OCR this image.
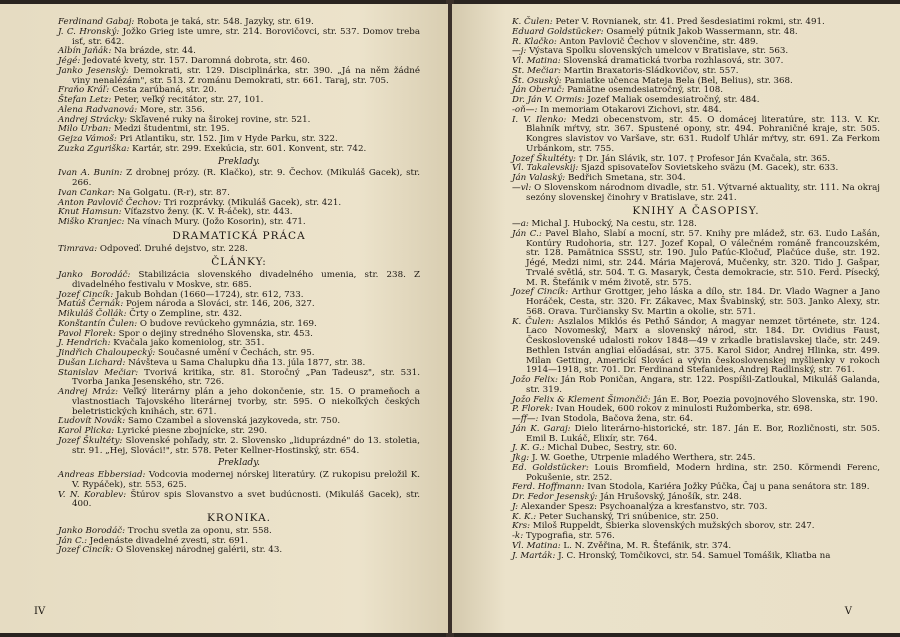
Ferdinand Gabaj: Robota je taká, str. 548. Jazyky, str. 619.
J. C. Hronský: Jožko Grieg iste umre, str. 214. Borovičovci, str. 537. Domov treba isť, str. 642.
Albín Jaňák: Na brázde, str. 44.
Jégé: Jedovaté kvety, str. 157. Daromná dobrota, str. 460.
Janko Jesenský: Demokrati, str. 129. Disciplinárka, str. 390. „Já na něm žádné viny nenalézám", str. 513. Z románu Demokrati, str. 661. Taraj, str. 705.
Fraňo Kráľ: Cesta zarúbaná, str. 20.
Štefan Letz: Peter, veľký recitátor, str. 27, 101.
Alena Radvanová: More, str. 356.
Andrej Strácky: Skľavené ruky na širokej rovine, str. 521.
Milo Urban: Medzi študentmi, str. 195.
Gejza Vámoš: Pri Atlantiku, str. 152. Jim v Hyde Parku, str. 322.
Zuzka Zguriška: Kartár, str. 299. Exekúcia, str. 601. Konvent, str. 742.
Preklady.
Ivan A. Bunin: Z drobnej prózy. (R. Klačko), str. 9. Čechov. (Mikuláš Gacek), str. 266.
Ivan Cankar: Na Golgatu. (R-r), str. 87.
Anton Pavlovič Čechov: Tri rozprávky. (Mikuláš Gacek), str. 421.
Knut Hamsun: Víťazstvo ženy. (K. V. R-áček), str. 443.
Miško Kranjec: Na vínach Mury. (Jožo Kosorin), str. 471.
DRAMATICKÁ PRÁCA
Timrava: Odpoveď. Druhé dejstvo, str. 228.
ČLÁNKY:
Janko Borodáč: Stabilizácia slovenského divadelného umenia, str. 238. Z divadelného festivalu v Moskve, str. 685.
Jozef Cincík: Jakub Bohdan (1660—1724), str. 612, 733.
Matúš Černák: Pojem národa a Slováci, str. 146, 206, 327.
Mikuláš Čollák: Črty o Zempline, str. 432.
Konštantín Čulen: O budove revúckeho gymnázia, str. 169.
Pavol Florek: Spor o dejiny stredného Slovenska, str. 453.
J. Hendrich: Kvačala jako komeniolog, str. 351.
Jindřich Chaloupecký: Současné umění v Čechách, str. 95.
Dušan Lichard: Návšteva u Sama Chalupku dňa 13. júla 1877, str. 38.
Stanislav Mečiar: Tvorivá kritika, str. 81. Storočný „Pan Tadeusz", str. 531. Tvorba Janka Jesenského, str. 726.
Andrej Mráz: Veľký literárny plán a jeho dokončenie, str. 15. O prameňoch a vlastnostiach Tajovského literárnej tvorby, str. 595. O niekoľkých českých beletristických knihách, str. 671.
Ľudovít Novák: Samo Czambel a slovenská jazykoveda, str. 750.
Karol Plicka: Lyrické piesne zbojnícke, str. 290.
Jozef Škultéty: Slovenské pohľady, str. 2. Slovensko „liduprázdné" do 13. stoletia, str. 91. „Hej, Slováci!", str. 578. Peter Kellner-Hostinský, str. 654.
Preklady.
Andreas Ebbersiad: Vodcovia modernej nórskej literatúry. (Z rukopisu preložil K. V. Rypáček), str. 553, 625.
V. N. Korablev: Štúrov spis Slovanstvo a svet budúcnosti. (Mikuláš Gacek), str. 400.
KRONIKA.
Janko Borodáč: Trochu svetla za oponu, str. 558.
Ján C.: Jedenáste divadelné zvesti, str. 691.
Jozef Cincík: O Slovenskej národnej galérii, str. 43.
IV
K. Čulen: Peter V. Rovnianek, str. 41. Pred šesdesiatimi rokmi, str. 491.
Eduard Goldstücker: Osamelý pútnik Jakob Wassermann, str. 48.
R. Klačko: Anton Pavlovič Čechov v slovenčine, str. 489.
—j: Výstava Spolku slovenských umelcov v Bratislave, str. 563.
Vl. Matina: Slovenská dramatická tvorba rozhlasová, str. 307.
St. Mečiar: Martin Braxatoris-Sládkovičov, str. 557.
Št. Osuský: Pamiatke učenca Mateja Bela (Bel, Belius), str. 368.
Ján Oberuč: Pamätne osemdesiatročný, str. 108.
Dr. Ján V. Ormis: Jozef Maliak osemdesiatročný, str. 484.
-oň—: In memoriam Otakarovi Zichovi, str. 484.
I. V. Ilenko: Medzi obecenstvom, str. 45. O domácej literatúre, str. 113. V. Kr. Blahník mŕtvy, str. 367. Spustené opony, str. 494. Pohraničné kraje, str. 505. Kongres slavistov vo Varšave, str. 631. Rudolf Uhlár mŕtvy, str. 691. Za Ferkom Urbánkom, str. 755.
Jozef Škultéty: † Dr. Ján Slávik, str. 107. † Profesor Ján Kvačala, str. 365.
Vl. Takalevskij: Sjazd spisovateľov Sovietskeho sväzu (M. Gacek), str. 633.
Ján Valaský: Bedřich Smetana, str. 304.
—vl: O Slovenskom národnom divadle, str. 51. Výtvarné aktuality, str. 111. Na okraj sezóny slovenskej činohry v Bratislave, str. 241.
KNIHY A ČASOPISY.
—a: Michal J. Hubocký, Na cestu, str. 128.
Ján C.: Pavel Blaho, Slabí a mocní, str. 57. Knihy pre mládež, str. 63. Ľudo Lašán, Kontúry Rudohoria, str. 127. Jozef Kopal, O válečném románě francouzském, str. 128. Pamätnica SSSU, str. 190. Julo Paťúc-Kločuď, Plačúce duše, str. 192. Jégé, Medzi nimi, str. 244. Mária Majerová, Mučenky, str. 320. Tido J. Gašpar, Trvalé světlá, str. 504. T. G. Masaryk, Česta demokracie, str. 510. Ferd. Písecký, M. R. Štefánik v mém životě, str. 575.
Jozef Cincík: Arthur Grottger, jeho láska a dílo, str. 184. Dr. Vlado Wagner a Jano Horáček, Cesta, str. 320. Fr. Zákavec, Max Švabinský, str. 503. Janko Alexy, str. 568. Orava. Turčiansky Sv. Martin a okolie, str. 571.
K. Čulen: Aszlalos Miklós és Pethő Sándor, A magyar nemzet története, str. 124. Laco Novomeský, Marx a slovenský národ, str. 184. Dr. Ovidius Faust, Československé udalosti rokov 1848—49 v zrkadle bratislavskej tlače, str. 249. Bethlen István angliai előadásai, str. 375. Karol Sidor, Andrej Hlinka, str. 499. Milan Getting, Americkí Slováci a vývin československej myšlienky v rokoch 1914—1918, str. 701. Dr. Ferdinand Stefanides, Andrej Radlinský, str. 761.
Jožo Felix: Ján Rob Poničan, Angara, str. 122. Pospíšil-Zatloukal, Mikuláš Galanda, str. 319.
Jožo Felix & Klement Šimončič: Ján E. Bor, Poezia povojnového Slovenska, str. 190.
P. Florek: Ivan Houdek, 600 rokov z minulosti Ružomberka, str. 698.
—ff—: Ivan Stodola, Bačova žena, str. 64.
Ján K. Garaj: Dielo literárno-historické, str. 187. Ján E. Bor, Rozličnosti, str. 505. Emil B. Lukáč, Elixír, str. 764.
J. K. G.: Michal Dubec, Sestry, str. 60.
Jkg: J. W. Goethe, Utrpenie mladého Werthera, str. 245.
Ed. Goldstücker: Louis Bromfield, Modern hrdina, str. 250. Körmendi Ferenc, Pokušenie, str. 252.
Ferd. Hoffmann: Ivan Stodola, Kariéra Jožky Púčka, Čaj u pana senátora str. 189.
Dr. Fedor Jesenský: Ján Hrušovský, Jánošík, str. 248.
J: Alexander Spesz: Psychoanalýza a kresťanstvo, str. 703.
K. K.: Peter Suchanský, Tri snúbenice, str. 250.
Krs: Miloš Ruppeldt, Sbierka slovenských mužských sborov, str. 247.
-k: Typografia, str. 576.
Vl. Matina: L. N. Zvěřina, M. R. Štefánik, str. 374.
J. Marták: J. C. Hronský, Tomčikovci, str. 54. Samuel Tomášik, Kliatba na
V
